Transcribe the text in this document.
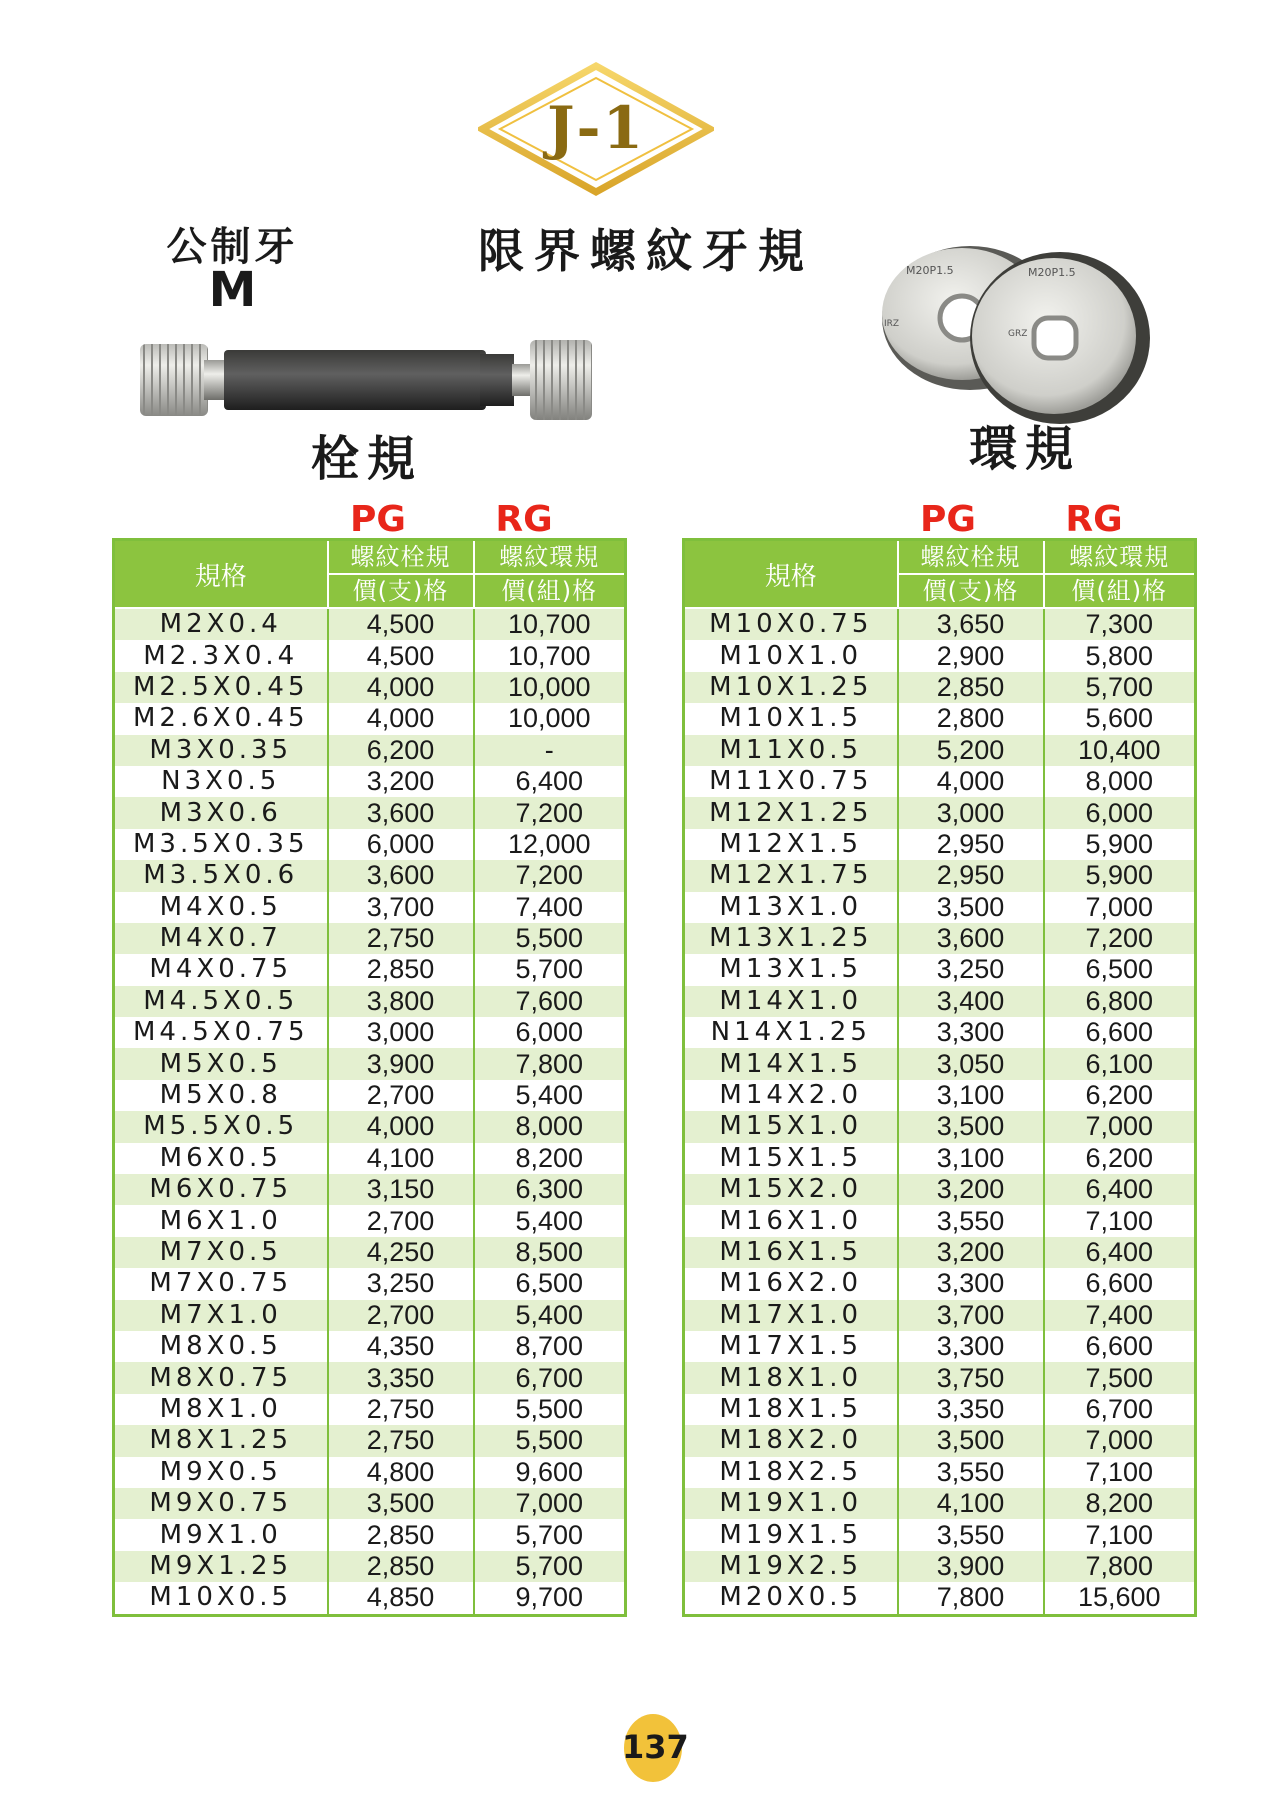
J-1
公制牙
M
限界螺紋牙規
栓規
M20P1.5
IRZ
M20P1.5
GRZ
環規
PG	RG
規格	螺紋栓規	螺紋環規
	價(支)格	價(組)格
M2X0.4	4,500	10,700
M2.3X0.4	4,500	10,700
M2.5X0.45	4,000	10,000
M2.6X0.45	4,000	10,000
M3X0.35	6,200	-
N3X0.5	3,200	6,400
M3X0.6	3,600	7,200
M3.5X0.35	6,000	12,000
M3.5X0.6	3,600	7,200
M4X0.5	3,700	7,400
M4X0.7	2,750	5,500
M4X0.75	2,850	5,700
M4.5X0.5	3,800	7,600
M4.5X0.75	3,000	6,000
M5X0.5	3,900	7,800
M5X0.8	2,700	5,400
M5.5X0.5	4,000	8,000
M6X0.5	4,100	8,200
M6X0.75	3,150	6,300
M6X1.0	2,700	5,400
M7X0.5	4,250	8,500
M7X0.75	3,250	6,500
M7X1.0	2,700	5,400
M8X0.5	4,350	8,700
M8X0.75	3,350	6,700
M8X1.0	2,750	5,500
M8X1.25	2,750	5,500
M9X0.5	4,800	9,600
M9X0.75	3,500	7,000
M9X1.0	2,850	5,700
M9X1.25	2,850	5,700
M10X0.5	4,850	9,700
PG	RG
規格	螺紋栓規	螺紋環規
	價(支)格	價(組)格
M10X0.75	3,650	7,300
M10X1.0	2,900	5,800
M10X1.25	2,850	5,700
M10X1.5	2,800	5,600
M11X0.5	5,200	10,400
M11X0.75	4,000	8,000
M12X1.25	3,000	6,000
M12X1.5	2,950	5,900
M12X1.75	2,950	5,900
M13X1.0	3,500	7,000
M13X1.25	3,600	7,200
M13X1.5	3,250	6,500
M14X1.0	3,400	6,800
N14X1.25	3,300	6,600
M14X1.5	3,050	6,100
M14X2.0	3,100	6,200
M15X1.0	3,500	7,000
M15X1.5	3,100	6,200
M15X2.0	3,200	6,400
M16X1.0	3,550	7,100
M16X1.5	3,200	6,400
M16X2.0	3,300	6,600
M17X1.0	3,700	7,400
M17X1.5	3,300	6,600
M18X1.0	3,750	7,500
M18X1.5	3,350	6,700
M18X2.0	3,500	7,000
M18X2.5	3,550	7,100
M19X1.0	4,100	8,200
M19X1.5	3,550	7,100
M19X2.5	3,900	7,800
M20X0.5	7,800	15,600
137
